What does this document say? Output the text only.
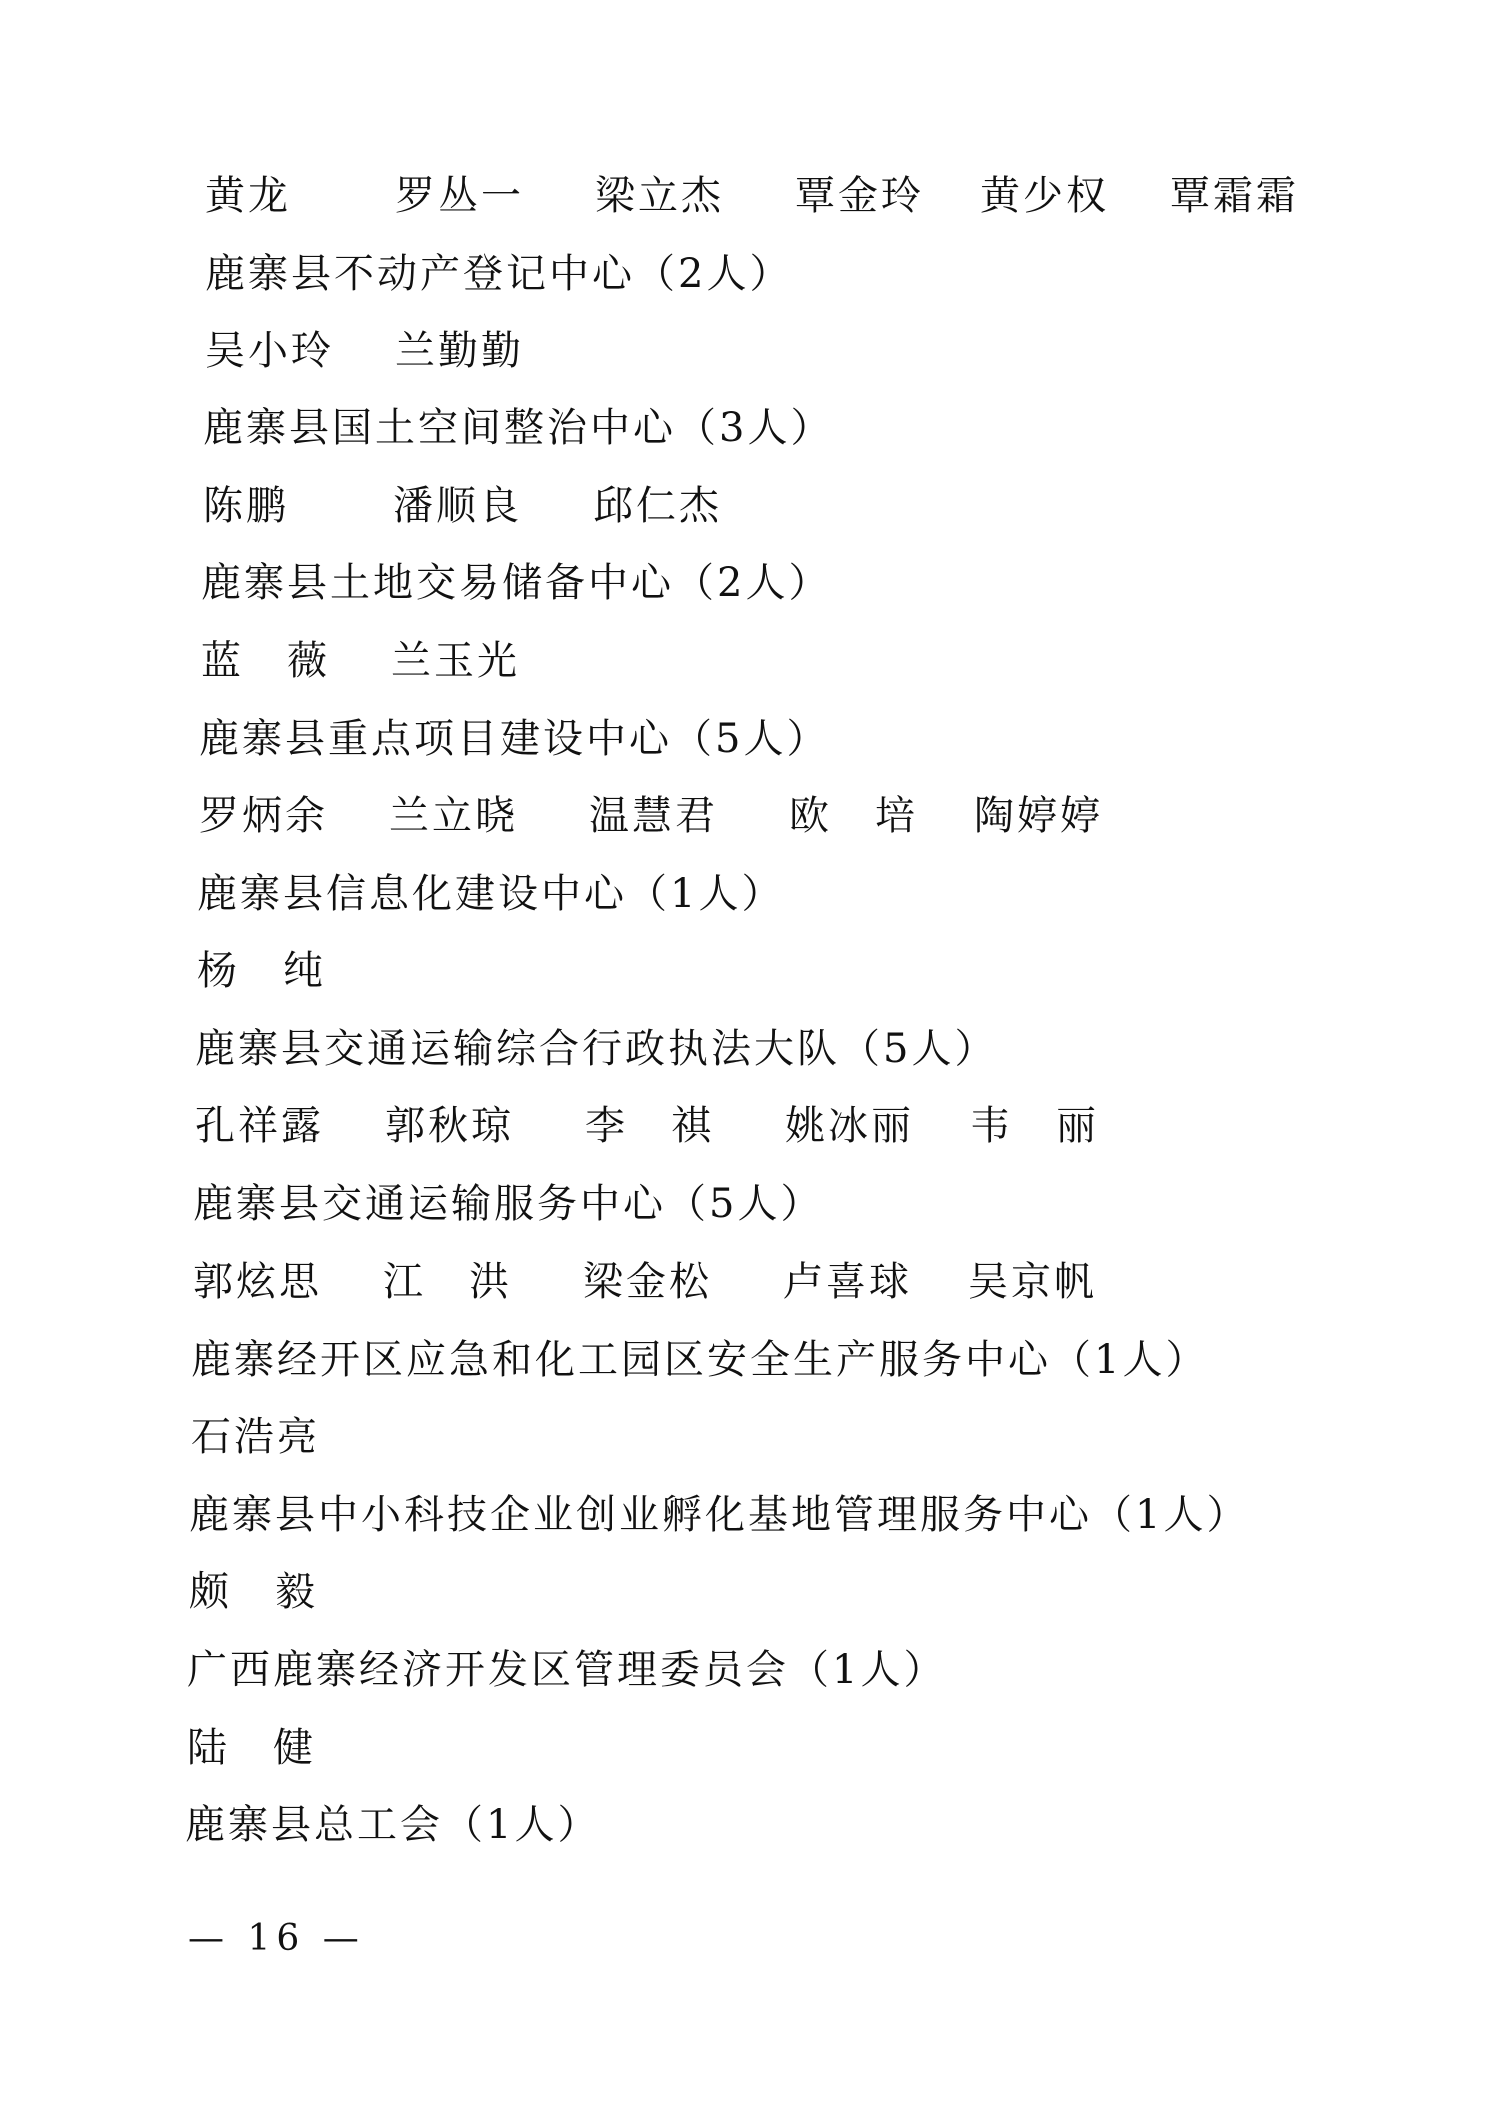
黄龙	罗丛一 梁立杰 覃金玲 黄少权 覃霜霜
鹿寨县不动产登记中心（2人）
吴小玲 兰勤勤
鹿寨县国土空间整治中心（3人）
陈鹏	潘顺良 邱仁杰
鹿寨县土地交易储备中心（2人）
蓝　薇 兰玉光
鹿寨县重点项目建设中心（5人）
罗炳余 兰立晓 温慧君 欧　培 陶婷婷
鹿寨县信息化建设中心（1人）
杨　纯
鹿寨县交通运输综合行政执法大队（5人）
孔祥露 郭秋琼 李　祺 姚冰丽 韦　丽
鹿寨县交通运输服务中心（5人）
郭炫思 江　洪 梁金松 卢喜球 吴京帆
鹿寨经开区应急和化工园区安全生产服务中心（1人）
石浩亮
鹿寨县中小科技企业创业孵化基地管理服务中心（1人）
颇　毅
广西鹿寨经济开发区管理委员会（1人）
陆　健
鹿寨县总工会（1人）
— 16 —
